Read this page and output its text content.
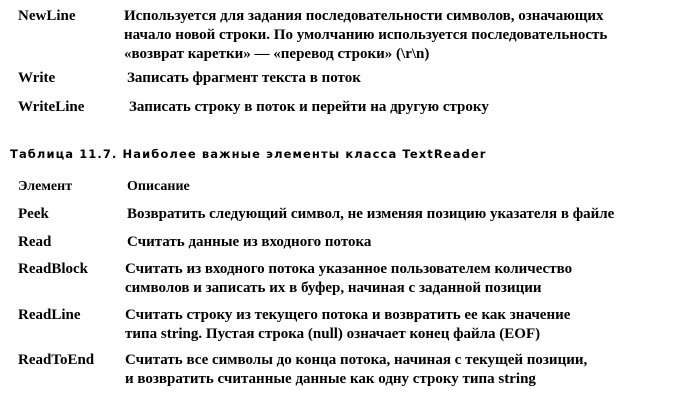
NewLine	Используется для задания последовательности символов, означающих
начало новой строки. По умолчанию используется последовательность
«возврат каретки» — «перевод строки» (\r\n)
Write	Записать фрагмент текста в поток
WriteLine	Записать строку в поток и перейти на другую строку
Таблица 11.7. Наиболее важные элементы класса TextReader
Элемент	Описание
Peek	Возвратить следующий символ, не изменяя позицию указателя в файле
Read	Считать данные из входного потока
ReadBlock Считать из входного потока указанное пользователем количество
символов и записать их в буфер, начиная с заданной позиции
ReadLine	Считать строку из текущего потока и возвратить ее как значение
типа string. Пустая строка (null) означает конец файла (EOF)
ReadToEnd Считать все символы до конца потока, начиная с текущей позиции,
и возвратить считанные данные как одну строку типа string
